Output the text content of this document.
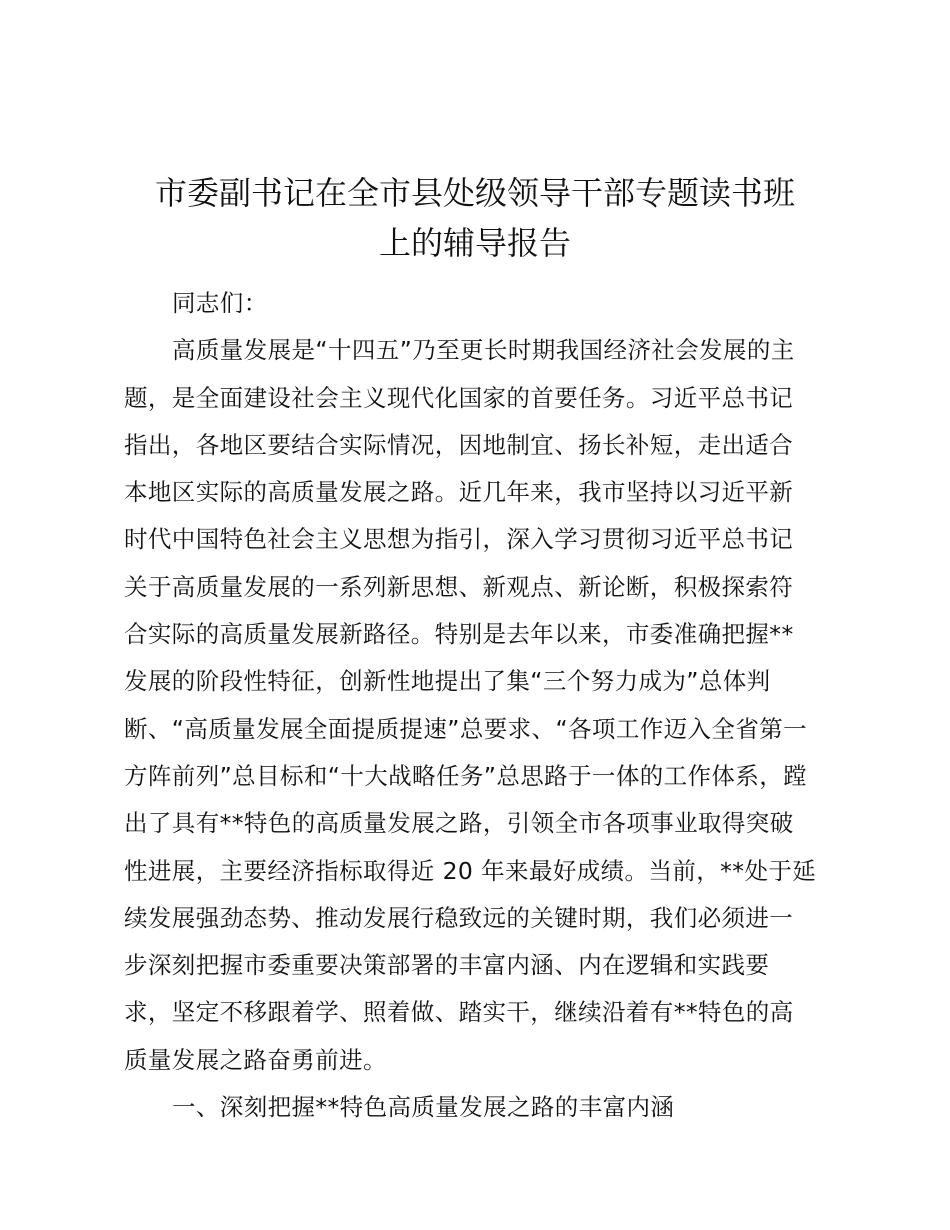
市委副书记在全市县处级领导干部专题读书班
上的辅导报告
同志们：
高质量发展是“十四五”乃至更长时期我国经济社会发展的主
题，是全面建设社会主义现代化国家的首要任务。习近平总书记
指出，各地区要结合实际情况，因地制宜、扬长补短，走出适合
本地区实际的高质量发展之路。近几年来，我市坚持以习近平新
时代中国特色社会主义思想为指引，深入学习贯彻习近平总书记
关于高质量发展的一系列新思想、新观点、新论断，积极探索符
合实际的高质量发展新路径。特别是去年以来，市委准确把握**
发展的阶段性特征，创新性地提出了集“三个努力成为”总体判
断、“高质量发展全面提质提速”总要求、“各项工作迈入全省第一
方阵前列”总目标和“十大战略任务”总思路于一体的工作体系，蹚
出了具有**特色的高质量发展之路，引领全市各项事业取得突破
性进展，主要经济指标取得近 20 年来最好成绩。当前，**处于延
续发展强劲态势、推动发展行稳致远的关键时期，我们必须进一
步深刻把握市委重要决策部署的丰富内涵、内在逻辑和实践要
求，坚定不移跟着学、照着做、踏实干，继续沿着有**特色的高
质量发展之路奋勇前进。
一、深刻把握**特色高质量发展之路的丰富内涵
